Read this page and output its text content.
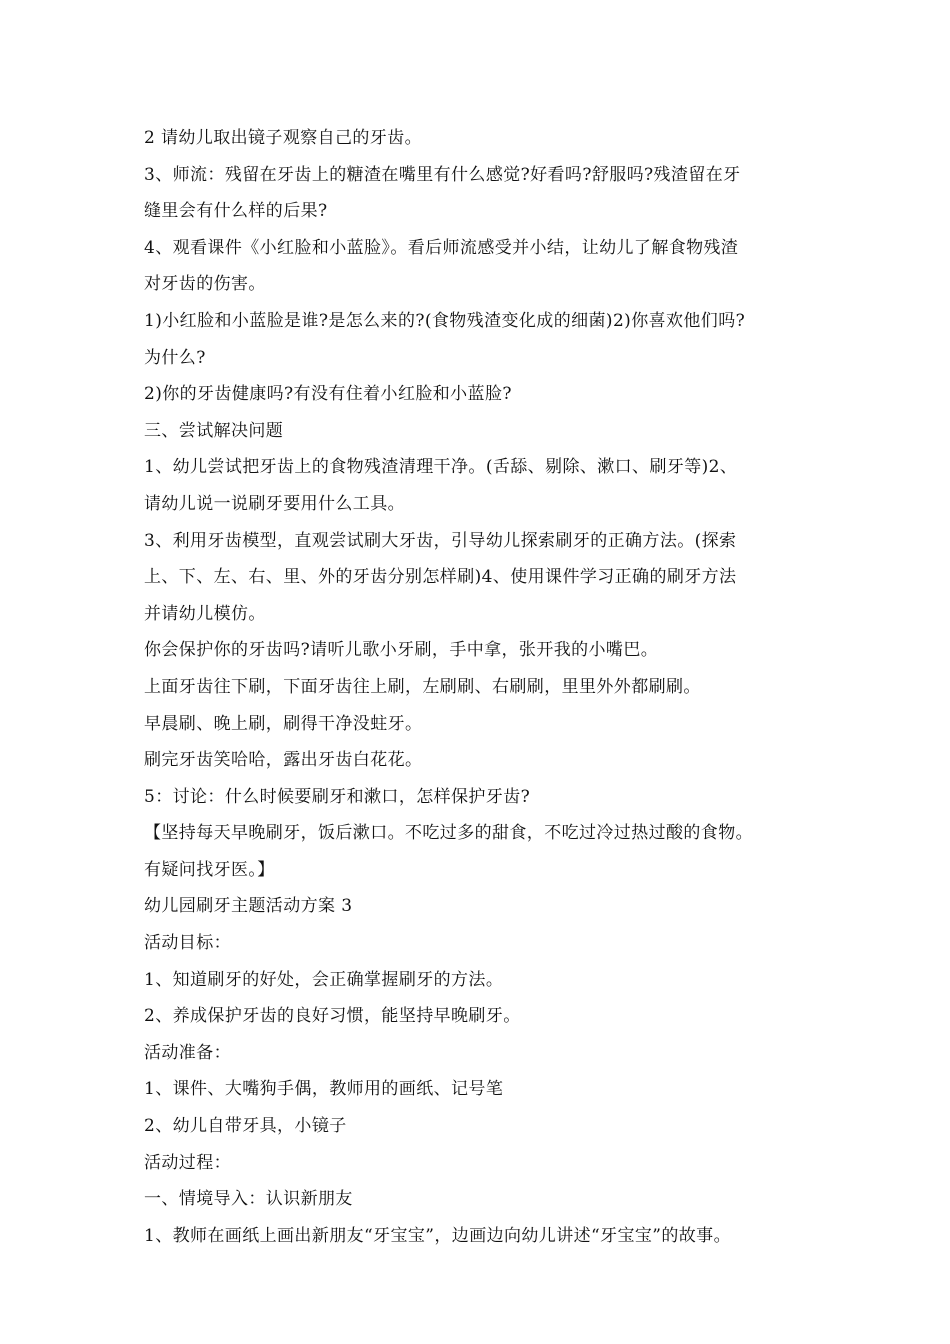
2 请幼儿取出镜子观察自己的牙齿。
3、师流：残留在牙齿上的糖渣在嘴里有什么感觉?好看吗?舒服吗?残渣留在牙
缝里会有什么样的后果?
4、观看课件《小红脸和小蓝脸》。看后师流感受并小结，让幼儿了解食物残渣
对牙齿的伤害。
1)小红脸和小蓝脸是谁?是怎么来的?(食物残渣变化成的细菌)2)你喜欢他们吗?
为什么?
2)你的牙齿健康吗?有没有住着小红脸和小蓝脸?
三、尝试解决问题
1、幼儿尝试把牙齿上的食物残渣清理干净。(舌舔、剔除、漱口、刷牙等)2、
请幼儿说一说刷牙要用什么工具。
3、利用牙齿模型，直观尝试刷大牙齿，引导幼儿探索刷牙的正确方法。(探索
上、下、左、右、里、外的牙齿分别怎样刷)4、使用课件学习正确的刷牙方法
并请幼儿模仿。
你会保护你的牙齿吗?请听儿歌小牙刷，手中拿，张开我的小嘴巴。
上面牙齿往下刷，下面牙齿往上刷，左刷刷、右刷刷，里里外外都刷刷。
早晨刷、晚上刷，刷得干净没蛀牙。
刷完牙齿笑哈哈，露出牙齿白花花。
5：讨论：什么时候要刷牙和漱口，怎样保护牙齿?
【坚持每天早晚刷牙，饭后漱口。不吃过多的甜食，不吃过冷过热过酸的食物。
有疑问找牙医。】
幼儿园刷牙主题活动方案 3
活动目标：
1、知道刷牙的好处，会正确掌握刷牙的方法。
2、养成保护牙齿的良好习惯，能坚持早晚刷牙。
活动准备：
1、课件、大嘴狗手偶，教师用的画纸、记号笔
2、幼儿自带牙具，小镜子
活动过程：
一、情境导入：认识新朋友
1、教师在画纸上画出新朋友“牙宝宝”，边画边向幼儿讲述“牙宝宝”的故事。
